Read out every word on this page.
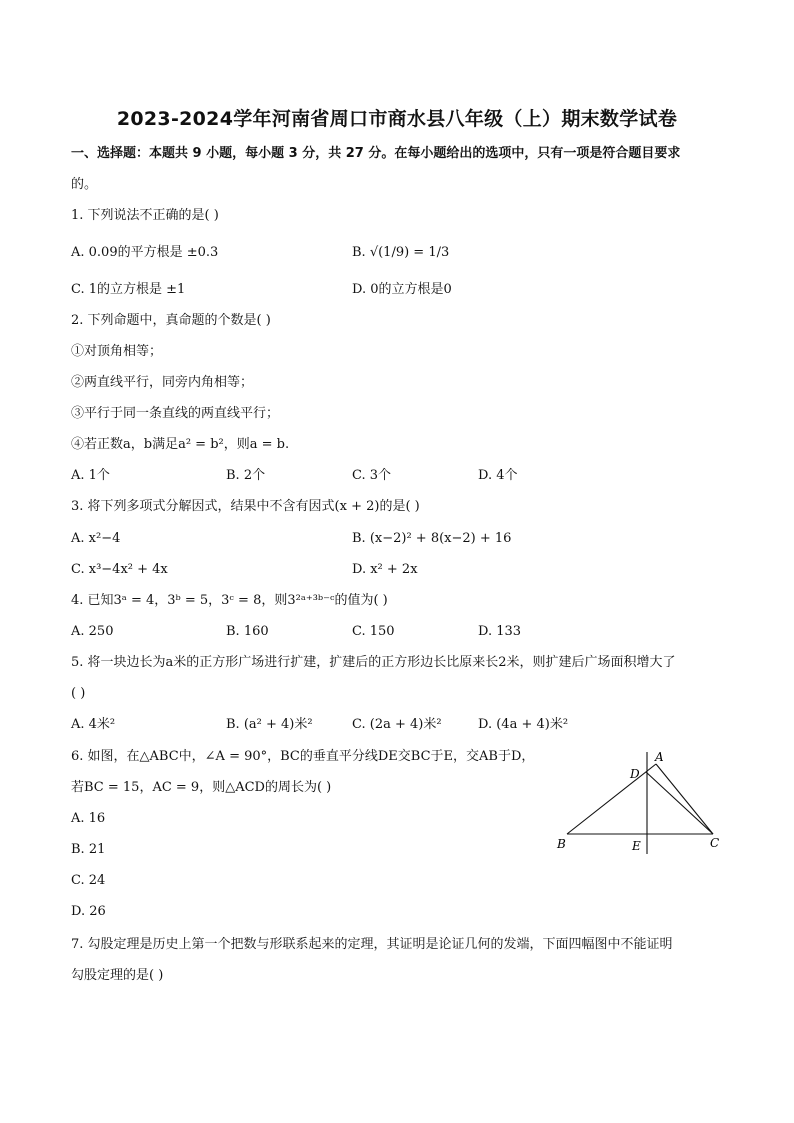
2023-2024学年河南省周口市商水县八年级（上）期末数学试卷
一、选择题：本题共 9 小题，每小题 3 分，共 27 分。在每小题给出的选项中，只有一项是符合题目要求
的。
1. 下列说法不正确的是( )
A. 0.09的平方根是 ±0.3	B. √(1/9) = 1/3
C. 1的立方根是 ±1	D. 0的立方根是0
2. 下列命题中，真命题的个数是( )
①对顶角相等；
②两直线平行，同旁内角相等；
③平行于同一条直线的两直线平行；
④若正数a，b满足a² = b²，则a = b.
A. 1个	B. 2个	C. 3个	D. 4个
3. 将下列多项式分解因式，结果中不含有因式(x + 2)的是( )
A. x²−4	B. (x−2)² + 8(x−2) + 16
C. x³−4x² + 4x	D. x² + 2x
4. 已知3ᵃ = 4，3ᵇ = 5，3ᶜ = 8，则3²ᵃ⁺³ᵇ⁻ᶜ的值为( )
A. 250	B. 160	C. 150	D. 133
5. 将一块边长为a米的正方形广场进行扩建，扩建后的正方形边长比原来长2米，则扩建后广场面积增大了
( )
A. 4米²	B. (a² + 4)米²	C. (2a + 4)米²	D. (4a + 4)米²
6. 如图，在△ABC中，∠A = 90°，BC的垂直平分线DE交BC于E，交AB于D，
若BC = 15，AC = 9，则△ACD的周长为( )
A. 16
B. 21
C. 24
D. 26
A
D
B	E	C
7. 勾股定理是历史上第一个把数与形联系起来的定理，其证明是论证几何的发端，下面四幅图中不能证明
勾股定理的是( )
